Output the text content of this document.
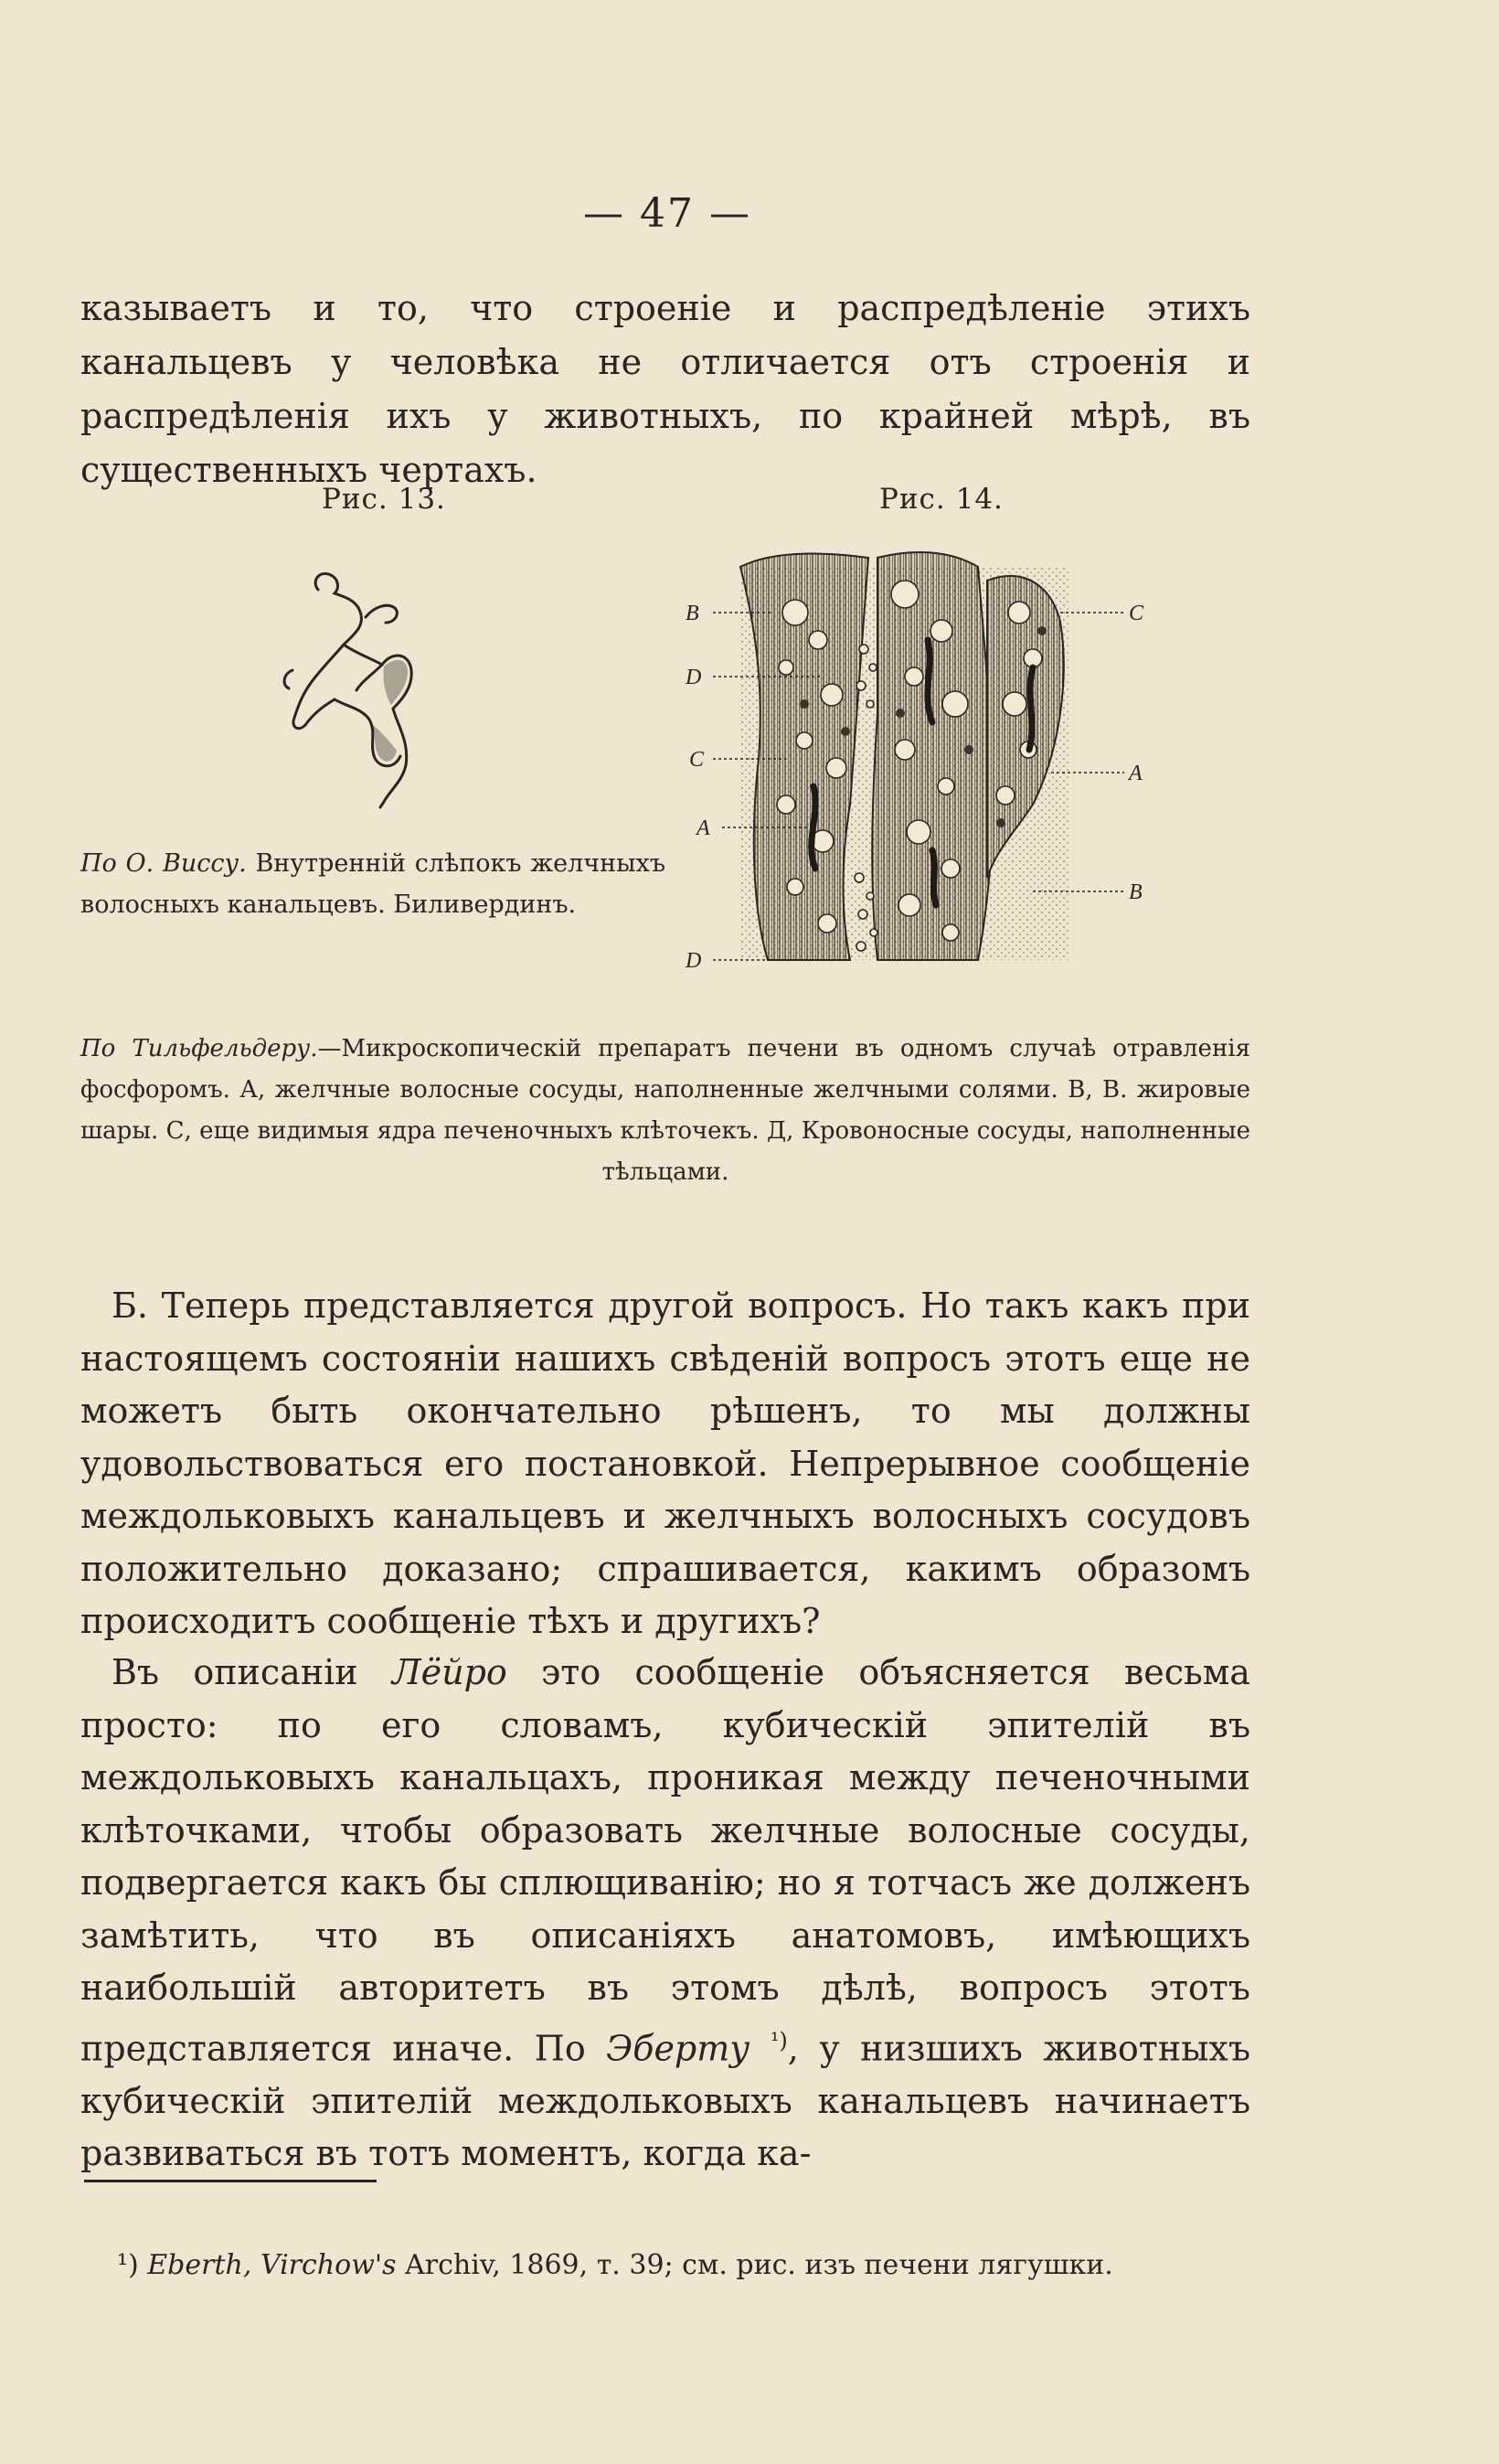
— 47 —
казываетъ и то, что строеніе и распредѣленіе этихъ канальцевъ у человѣка не отличается отъ строенія и распредѣленія ихъ у животныхъ, по крайней мѣрѣ, въ существенныхъ чертахъ.
Рис. 13.	Рис. 14.
В
D
C
А
D
C
А
В
По О. Виссу. Внутренній слѣпокъ желчныхъ волосныхъ канальцевъ. Биливердинъ.
По Тильфельдеру.—Микроскопическій препаратъ печени въ одномъ случаѣ отравленія фосфоромъ. А, желчные волосные сосуды, наполненные желчными солями. В, В. жировые шары. С, еще видимыя ядра печеночныхъ клѣточекъ. Д, Кровоносные сосуды, наполненные тѣльцами.
Б. Теперь представляется другой вопросъ. Но такъ какъ при настоящемъ состояніи нашихъ свѣденій вопросъ этотъ еще не можетъ быть окончательно рѣшенъ, то мы должны удовольствоваться его постановкой. Непрерывное сообщеніе междольковыхъ канальцевъ и желчныхъ волосныхъ сосудовъ положительно доказано; спрашивается, какимъ образомъ происходитъ сообщеніе тѣхъ и другихъ?
Въ описаніи Лёйро это сообщеніе объясняется весьма просто: по его словамъ, кубическій эпителій въ междольковыхъ канальцахъ, проникая между печеночными клѣточками, чтобы образовать желчные волосные сосуды, подвергается какъ бы сплющиванію; но я тотчасъ же долженъ замѣтить, что въ описаніяхъ анатомовъ, имѣющихъ наибольшій авторитетъ въ этомъ дѣлѣ, вопросъ этотъ представляется иначе. По Эберту $^{^1)}$, у низшихъ животныхъ кубическій эпителій междольковыхъ канальцевъ начинаетъ развиваться въ тотъ моментъ, когда ка-
¹) Eberth, Virchow's Archiv, 1869, т. 39; см. рис. изъ печени лягушки.
